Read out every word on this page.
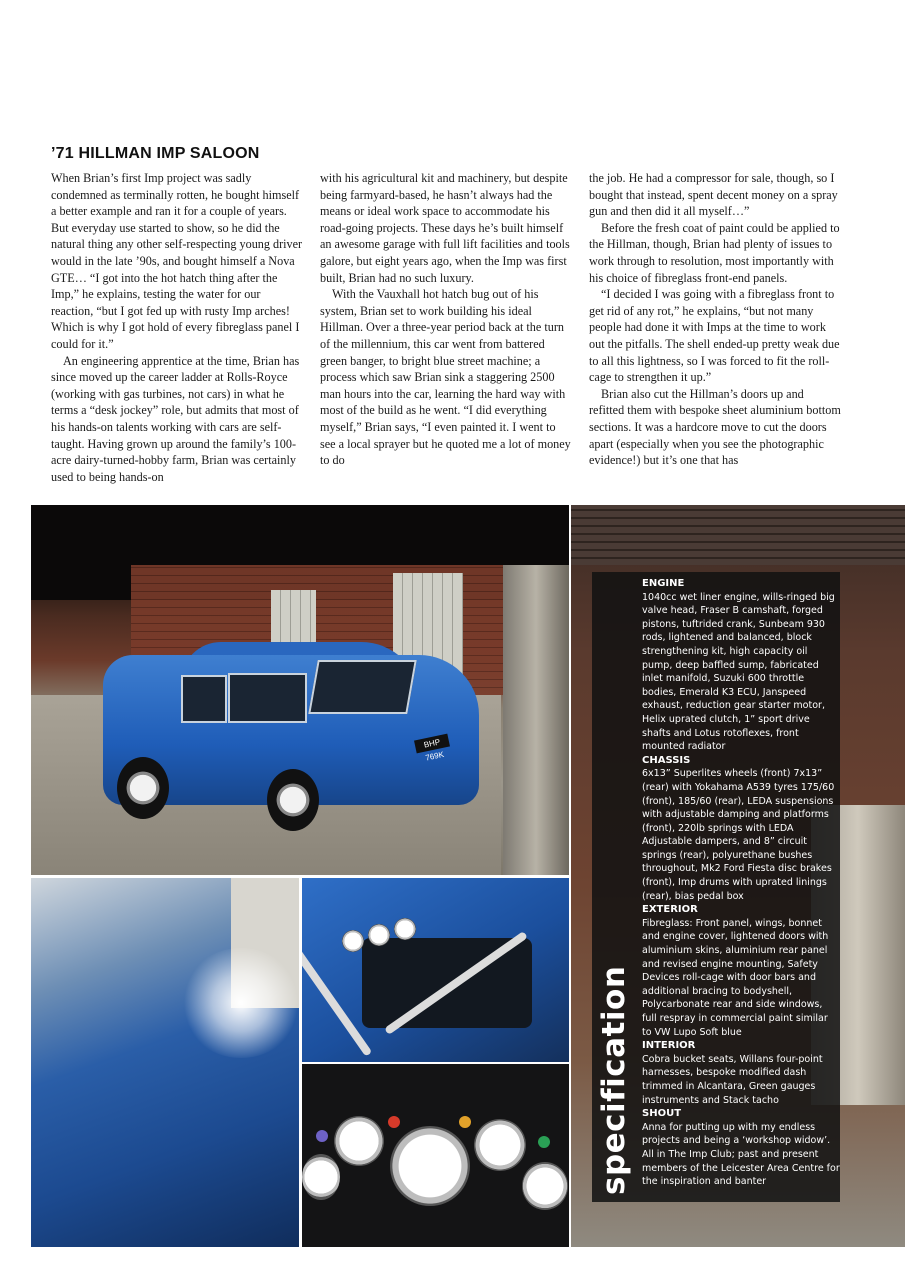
’71 HILLMAN IMP SALOON

When Brian’s first Imp project was sadly condemned as terminally rotten, he bought himself a better example and ran it for a couple of years. But everyday use started to show, so he did the natural thing any other self-respecting young driver would in the late ’90s, and bought himself a Nova GTE… “I got into the hot hatch thing after the Imp,” he explains, testing the water for our reaction, “but I got fed up with rusty Imp arches! Which is why I got hold of every fibreglass panel I could for it.”

An engineering apprentice at the time, Brian has since moved up the career ladder at Rolls-Royce (working with gas turbines, not cars) in what he terms a “desk jockey” role, but admits that most of his hands-on talents working with cars are self-taught. Having grown up around the family’s 100-acre dairy-turned-hobby farm, Brian was certainly used to being hands-on

with his agricultural kit and machinery, but despite being farmyard-based, he hasn’t always had the means or ideal work space to accommodate his road-going projects. These days he’s built himself an awesome garage with full lift facilities and tools galore, but eight years ago, when the Imp was first built, Brian had no such luxury.

With the Vauxhall hot hatch bug out of his system, Brian set to work building his ideal Hillman. Over a three-year period back at the turn of the millennium, this car went from battered green banger, to bright blue street machine; a process which saw Brian sink a staggering 2500 man hours into the car, learning the hard way with most of the build as he went. “I did everything myself,” Brian says, “I even painted it. I went to see a local sprayer but he quoted me a lot of money to do

the job. He had a compressor for sale, though, so I bought that instead, spent decent money on a spray gun and then did it all myself…”

Before the fresh coat of paint could be applied to the Hillman, though, Brian had plenty of issues to work through to resolution, most importantly with his choice of fibreglass front-end panels.

“I decided I was going with a fibreglass front to get rid of any rot,” he explains, “but not many people had done it with Imps at the time to work out the pitfalls. The shell ended-up pretty weak due to all this lightness, so I was forced to fit the roll-cage to strengthen it up.”

Brian also cut the Hillman’s doors up and refitted them with bespoke sheet aluminium bottom sections. It was a hardcore move to cut the doors apart (especially when you see the photographic evidence!) but it’s one that has

BHP 769K
specification

ENGINE

1040cc wet liner engine, wills-ringed big valve head, Fraser B camshaft, forged pistons, tuftrided crank, Sunbeam 930 rods, lightened and balanced, block strengthening kit, high capacity oil pump, deep baffled sump, fabricated inlet manifold, Suzuki 600 throttle bodies, Emerald K3 ECU, Janspeed exhaust, reduction gear starter motor, Helix uprated clutch, 1” sport drive shafts and Lotus rotoflexes, front mounted radiator

CHASSIS

6x13” Superlites wheels (front) 7x13” (rear) with Yokahama A539 tyres 175/60 (front), 185/60 (rear), LEDA suspensions with adjustable damping and platforms (front), 220lb springs with LEDA Adjustable dampers, and 8” circuit springs (rear), polyurethane bushes throughout, Mk2 Ford Fiesta disc brakes (front), Imp drums with uprated linings (rear), bias pedal box

EXTERIOR

Fibreglass: Front panel, wings, bonnet and engine cover, lightened doors with aluminium skins, aluminium rear panel and revised engine mounting, Safety Devices roll-cage with door bars and additional bracing to bodyshell, Polycarbonate rear and side windows, full respray in commercial paint similar to VW Lupo Soft blue

INTERIOR

Cobra bucket seats, Willans four-point harnesses, bespoke modified dash trimmed in Alcantara, Green gauges instruments and Stack tacho

SHOUT

Anna for putting up with my endless projects and being a ‘workshop widow’. All in The Imp Club; past and present members of the Leicester Area Centre for the inspiration and banter
